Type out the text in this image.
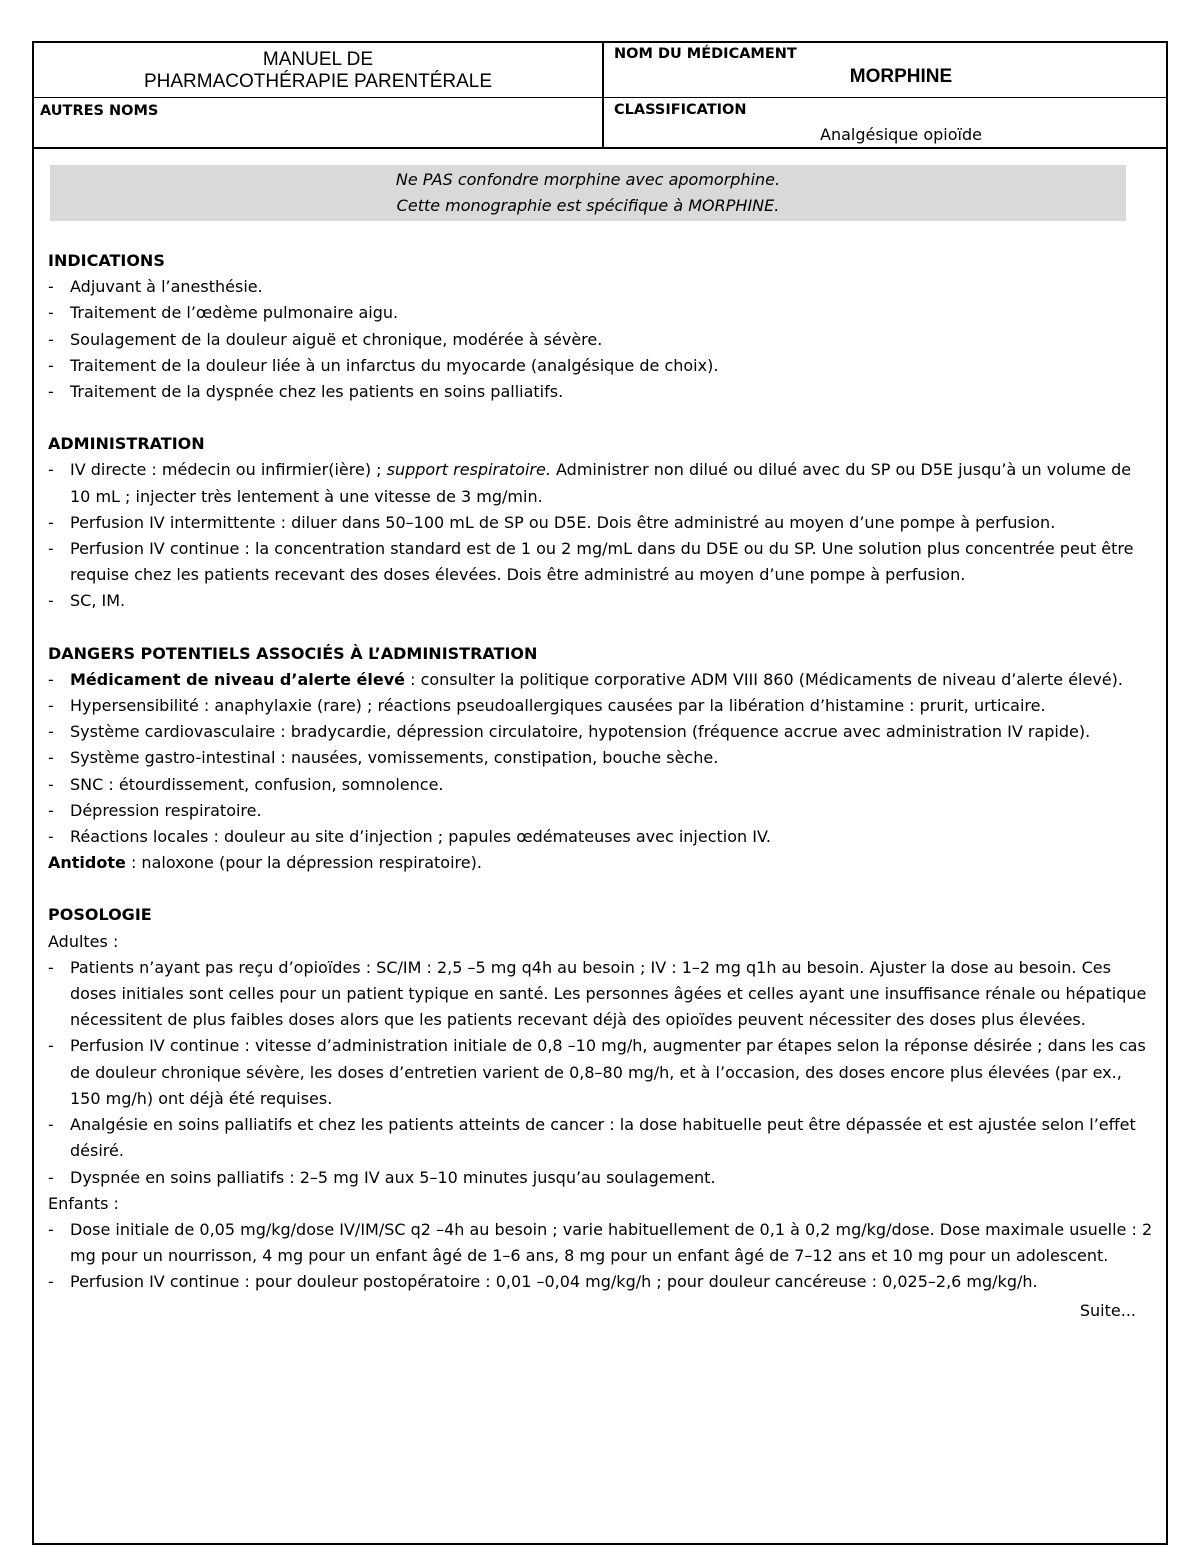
MANUEL DE
PHARMACOTHÉRAPIE PARENTÉRALE
NOM DU MÉDICAMENT
MORPHINE
AUTRES NOMS	CLASSIFICATION
Analgésique opioïde
Ne PAS confondre morphine avec apomorphine.
Cette monographie est spécifique à MORPHINE.
INDICATIONS
- Adjuvant à l’anesthésie.
- Traitement de l’œdème pulmonaire aigu.
- Soulagement de la douleur aiguë et chronique, modérée à sévère.
- Traitement de la douleur liée à un infarctus du myocarde (analgésique de choix).
- Traitement de la dyspnée chez les patients en soins palliatifs.
ADMINISTRATION
- IV directe : médecin ou infirmier(ière) ; support respiratoire. Administrer non dilué ou dilué avec du SP ou D5E jusqu’à un volume de 10 mL ; injecter très lentement à une vitesse de 3 mg/min.
- Perfusion IV intermittente : diluer dans 50–100 mL de SP ou D5E. Dois être administré au moyen d’une pompe à perfusion.
- Perfusion IV continue : la concentration standard est de 1 ou 2 mg/mL dans du D5E ou du SP. Une solution plus concentrée peut être requise chez les patients recevant des doses élevées. Dois être administré au moyen d’une pompe à perfusion.
- SC, IM.
DANGERS POTENTIELS ASSOCIÉS À L’ADMINISTRATION
- Médicament de niveau d’alerte élevé : consulter la politique corporative ADM VIII 860 (Médicaments de niveau d’alerte élevé).
- Hypersensibilité : anaphylaxie (rare) ; réactions pseudoallergiques causées par la libération d’histamine : prurit, urticaire.
- Système cardiovasculaire : bradycardie, dépression circulatoire, hypotension (fréquence accrue avec administration IV rapide).
- Système gastro-intestinal : nausées, vomissements, constipation, bouche sèche.
- SNC : étourdissement, confusion, somnolence.
- Dépression respiratoire.
- Réactions locales : douleur au site d’injection ; papules œdémateuses avec injection IV.
Antidote : naloxone (pour la dépression respiratoire).
POSOLOGIE
Adultes :
- Patients n’ayant pas reçu d’opioïdes : SC/IM : 2,5 –5 mg q4h au besoin ; IV : 1–2 mg q1h au besoin. Ajuster la dose au besoin. Ces doses initiales sont celles pour un patient typique en santé. Les personnes âgées et celles ayant une insuffisance rénale ou hépatique nécessitent de plus faibles doses alors que les patients recevant déjà des opioïdes peuvent nécessiter des doses plus élevées.
- Perfusion IV continue : vitesse d’administration initiale de 0,8 –10 mg/h, augmenter par étapes selon la réponse désirée ; dans les cas de douleur chronique sévère, les doses d’entretien varient de 0,8–80 mg/h, et à l’occasion, des doses encore plus élevées (par ex., 150 mg/h) ont déjà été requises.
- Analgésie en soins palliatifs et chez les patients atteints de cancer : la dose habituelle peut être dépassée et est ajustée selon l’effet désiré.
- Dyspnée en soins palliatifs : 2–5 mg IV aux 5–10 minutes jusqu’au soulagement.
Enfants :
- Dose initiale de 0,05 mg/kg/dose IV/IM/SC q2 –4h au besoin ; varie habituellement de 0,1 à 0,2 mg/kg/dose. Dose maximale usuelle : 2 mg pour un nourrisson, 4 mg pour un enfant âgé de 1–6 ans, 8 mg pour un enfant âgé de 7–12 ans et 10 mg pour un adolescent.
- Perfusion IV continue : pour douleur postopératoire : 0,01 –0,04 mg/kg/h ; pour douleur cancéreuse : 0,025–2,6 mg/kg/h.
Suite...
